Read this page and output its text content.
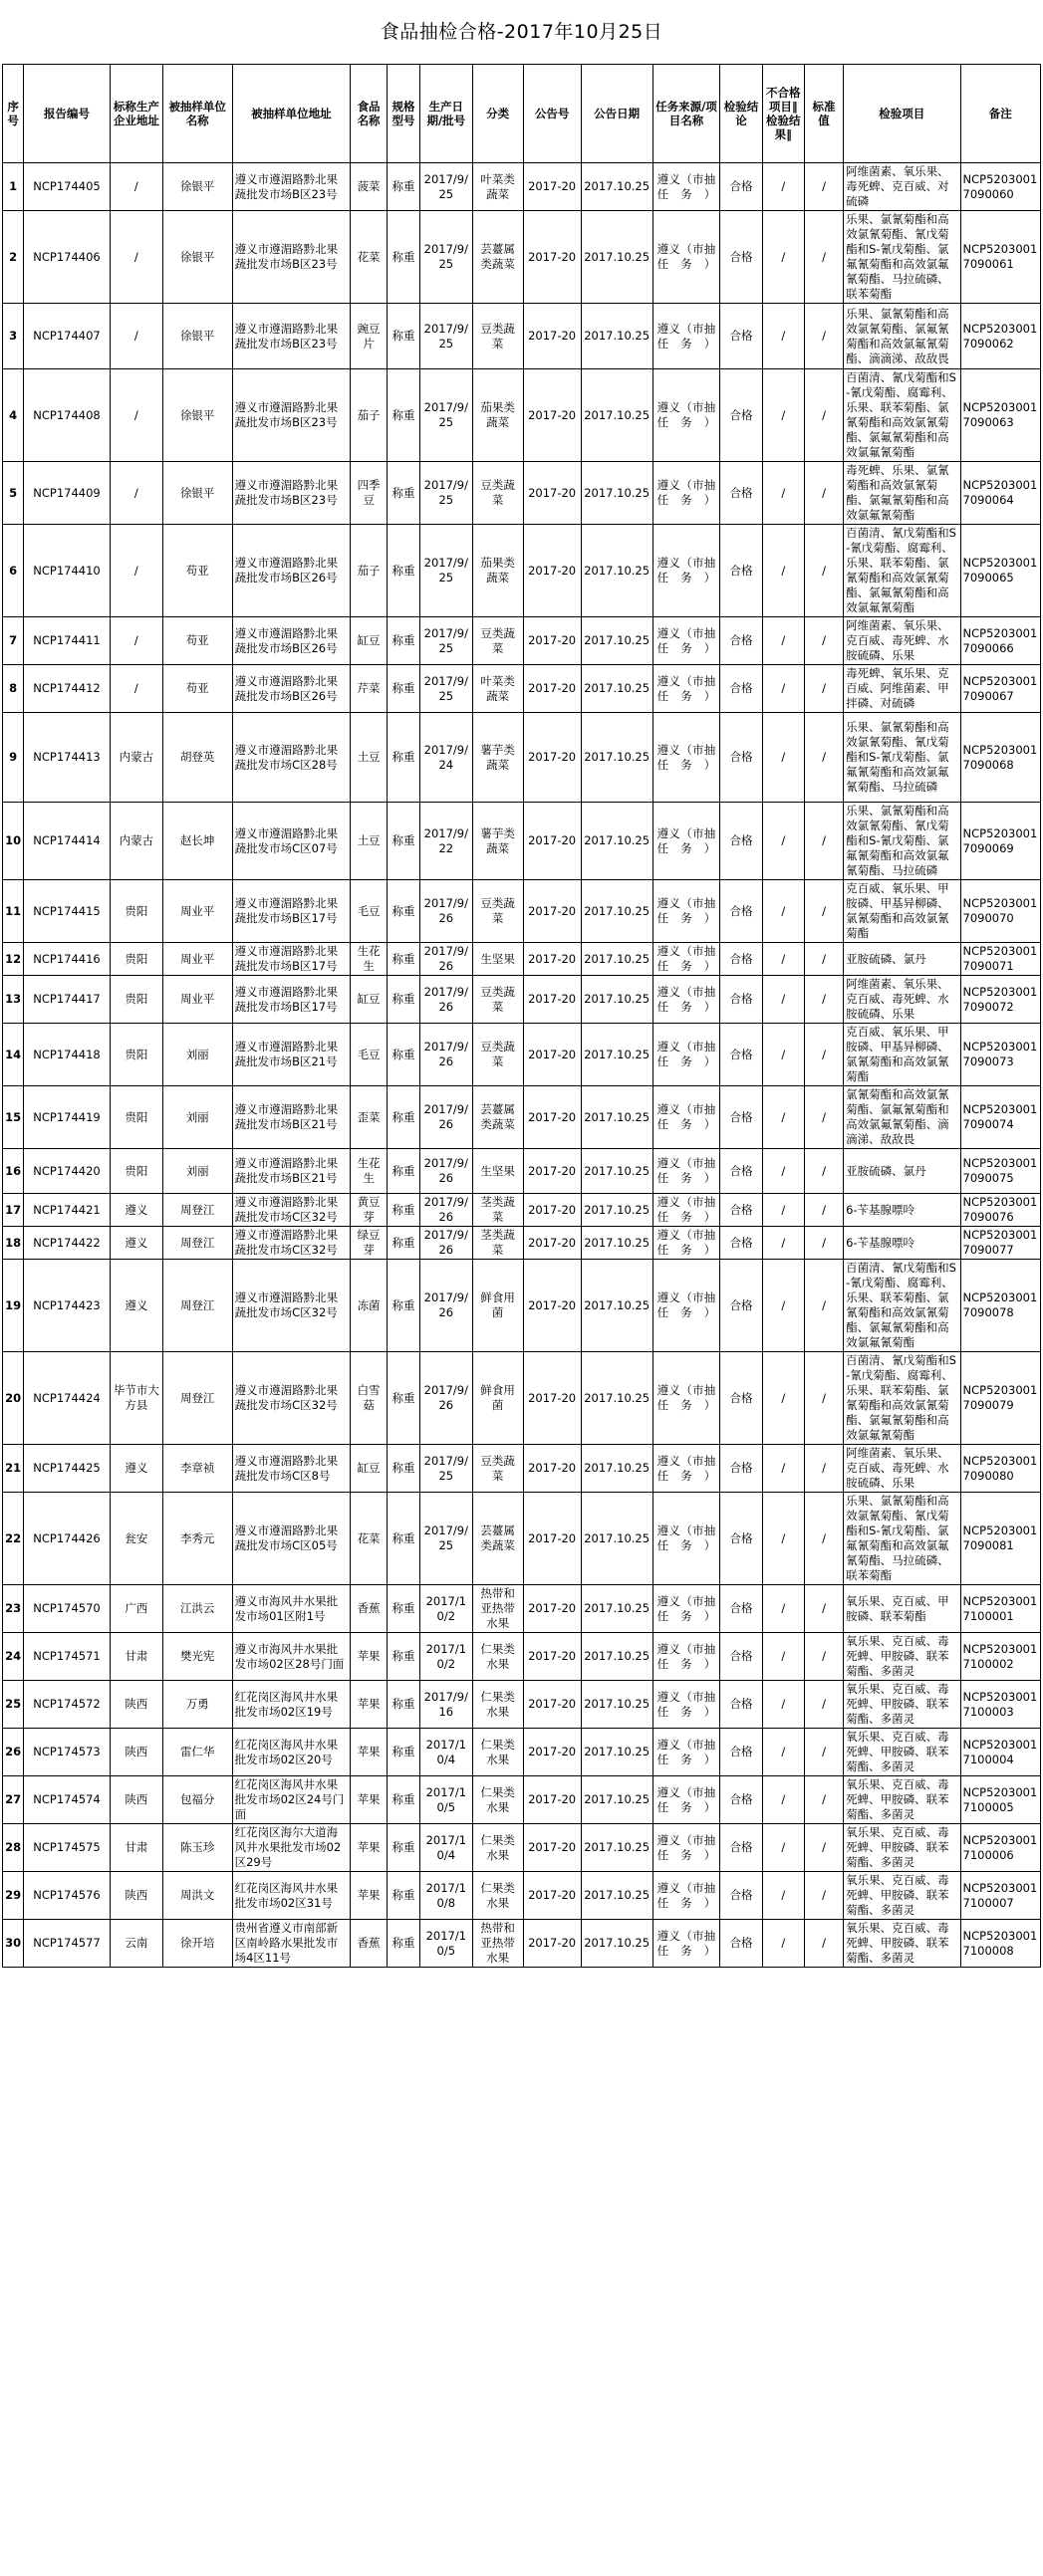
食品抽检合格-2017年10月25日
序号	报告编号	标称生产企业地址	被抽样单位名称	被抽样单位地址	食品名称	规格型号	生产日期/批号	分类	公告号	公告日期	任务来源/项目名称	检验结论	不合格项目‖检验结果‖	标准值	检验项目	备注
1	NCP174405	/	徐银平	遵义市遵湄路黔北果蔬批发市场B区23号	菠菜	称重	2017/9/25	叶菜类蔬菜	2017-20	2017.10.25	遵义（市抽任务）	合格	/	/	阿维菌素、氧乐果、毒死蜱、克百威、对硫磷	NCP52030017090060
2	NCP174406	/	徐银平	遵义市遵湄路黔北果蔬批发市场B区23号	花菜	称重	2017/9/25	芸薹属类蔬菜	2017-20	2017.10.25	遵义（市抽任务）	合格	/	/	乐果、氯氰菊酯和高效氯氰菊酯、氰戊菊酯和S-氰戊菊酯、氯氟氰菊酯和高效氯氟氰菊酯、马拉硫磷、联苯菊酯	NCP52030017090061
3	NCP174407	/	徐银平	遵义市遵湄路黔北果蔬批发市场B区23号	豌豆片	称重	2017/9/25	豆类蔬菜	2017-20	2017.10.25	遵义（市抽任务）	合格	/	/	乐果、氯氰菊酯和高效氯氰菊酯、氯氟氰菊酯和高效氯氟氰菊酯、滴滴涕、敌敌畏	NCP52030017090062
4	NCP174408	/	徐银平	遵义市遵湄路黔北果蔬批发市场B区23号	茄子	称重	2017/9/25	茄果类蔬菜	2017-20	2017.10.25	遵义（市抽任务）	合格	/	/	百菌清、氰戊菊酯和S-氰戊菊酯、腐霉利、乐果、联苯菊酯、氯氰菊酯和高效氯氰菊酯、氯氟氰菊酯和高效氯氟氰菊酯	NCP52030017090063
5	NCP174409	/	徐银平	遵义市遵湄路黔北果蔬批发市场B区23号	四季豆	称重	2017/9/25	豆类蔬菜	2017-20	2017.10.25	遵义（市抽任务）	合格	/	/	毒死蜱、乐果、氯氰菊酯和高效氯氰菊酯、氯氟氰菊酯和高效氯氟氰菊酯	NCP52030017090064
6	NCP174410	/	苟亚	遵义市遵湄路黔北果蔬批发市场B区26号	茄子	称重	2017/9/25	茄果类蔬菜	2017-20	2017.10.25	遵义（市抽任务）	合格	/	/	百菌清、氰戊菊酯和S-氰戊菊酯、腐霉利、乐果、联苯菊酯、氯氰菊酯和高效氯氰菊酯、氯氟氰菊酯和高效氯氟氰菊酯	NCP52030017090065
7	NCP174411	/	苟亚	遵义市遵湄路黔北果蔬批发市场B区26号	缸豆	称重	2017/9/25	豆类蔬菜	2017-20	2017.10.25	遵义（市抽任务）	合格	/	/	阿维菌素、氧乐果、克百威、毒死蜱、水胺硫磷、乐果	NCP52030017090066
8	NCP174412	/	苟亚	遵义市遵湄路黔北果蔬批发市场B区26号	芹菜	称重	2017/9/25	叶菜类蔬菜	2017-20	2017.10.25	遵义（市抽任务）	合格	/	/	毒死蜱、氧乐果、克百威、阿维菌素、甲拌磷、对硫磷	NCP52030017090067
9	NCP174413	内蒙古	胡登英	遵义市遵湄路黔北果蔬批发市场C区28号	土豆	称重	2017/9/24	薯芋类蔬菜	2017-20	2017.10.25	遵义（市抽任务）	合格	/	/	乐果、氯氰菊酯和高效氯氰菊酯、氰戊菊酯和S-氰戊菊酯、氯氟氰菊酯和高效氯氟氰菊酯、马拉硫磷	NCP52030017090068
10	NCP174414	内蒙古	赵长坤	遵义市遵湄路黔北果蔬批发市场C区07号	土豆	称重	2017/9/22	薯芋类蔬菜	2017-20	2017.10.25	遵义（市抽任务）	合格	/	/	乐果、氯氰菊酯和高效氯氰菊酯、氰戊菊酯和S-氰戊菊酯、氯氟氰菊酯和高效氯氟氰菊酯、马拉硫磷	NCP52030017090069
11	NCP174415	贵阳	周业平	遵义市遵湄路黔北果蔬批发市场B区17号	毛豆	称重	2017/9/26	豆类蔬菜	2017-20	2017.10.25	遵义（市抽任务）	合格	/	/	克百威、氧乐果、甲胺磷、甲基异柳磷、氯氰菊酯和高效氯氰菊酯	NCP52030017090070
12	NCP174416	贵阳	周业平	遵义市遵湄路黔北果蔬批发市场B区17号	生花生	称重	2017/9/26	生坚果	2017-20	2017.10.25	遵义（市抽任务）	合格	/	/	亚胺硫磷、氯丹	NCP52030017090071
13	NCP174417	贵阳	周业平	遵义市遵湄路黔北果蔬批发市场B区17号	缸豆	称重	2017/9/26	豆类蔬菜	2017-20	2017.10.25	遵义（市抽任务）	合格	/	/	阿维菌素、氧乐果、克百威、毒死蜱、水胺硫磷、乐果	NCP52030017090072
14	NCP174418	贵阳	刘丽	遵义市遵湄路黔北果蔬批发市场B区21号	毛豆	称重	2017/9/26	豆类蔬菜	2017-20	2017.10.25	遵义（市抽任务）	合格	/	/	克百威、氧乐果、甲胺磷、甲基异柳磷、氯氰菊酯和高效氯氰菊酯	NCP52030017090073
15	NCP174419	贵阳	刘丽	遵义市遵湄路黔北果蔬批发市场B区21号	歪菜	称重	2017/9/26	芸薹属类蔬菜	2017-20	2017.10.25	遵义（市抽任务）	合格	/	/	氯氰菊酯和高效氯氰菊酯、氯氟氰菊酯和高效氯氟氰菊酯、滴滴涕、敌敌畏	NCP52030017090074
16	NCP174420	贵阳	刘丽	遵义市遵湄路黔北果蔬批发市场B区21号	生花生	称重	2017/9/26	生坚果	2017-20	2017.10.25	遵义（市抽任务）	合格	/	/	亚胺硫磷、氯丹	NCP52030017090075
17	NCP174421	遵义	周登江	遵义市遵湄路黔北果蔬批发市场C区32号	黄豆芽	称重	2017/9/26	茎类蔬菜	2017-20	2017.10.25	遵义（市抽任务）	合格	/	/	6-苄基腺嘌呤	NCP52030017090076
18	NCP174422	遵义	周登江	遵义市遵湄路黔北果蔬批发市场C区32号	绿豆芽	称重	2017/9/26	茎类蔬菜	2017-20	2017.10.25	遵义（市抽任务）	合格	/	/	6-苄基腺嘌呤	NCP52030017090077
19	NCP174423	遵义	周登江	遵义市遵湄路黔北果蔬批发市场C区32号	冻菌	称重	2017/9/26	鲜食用菌	2017-20	2017.10.25	遵义（市抽任务）	合格	/	/	百菌清、氰戊菊酯和S-氰戊菊酯、腐霉利、乐果、联苯菊酯、氯氰菊酯和高效氯氰菊酯、氯氟氰菊酯和高效氯氟氰菊酯	NCP52030017090078
20	NCP174424	毕节市大方县	周登江	遵义市遵湄路黔北果蔬批发市场C区32号	白雪菇	称重	2017/9/26	鲜食用菌	2017-20	2017.10.25	遵义（市抽任务）	合格	/	/	百菌清、氰戊菊酯和S-氰戊菊酯、腐霉利、乐果、联苯菊酯、氯氰菊酯和高效氯氰菊酯、氯氟氰菊酯和高效氯氟氰菊酯	NCP52030017090079
21	NCP174425	遵义	李章祯	遵义市遵湄路黔北果蔬批发市场C区8号	缸豆	称重	2017/9/25	豆类蔬菜	2017-20	2017.10.25	遵义（市抽任务）	合格	/	/	阿维菌素、氧乐果、克百威、毒死蜱、水胺硫磷、乐果	NCP52030017090080
22	NCP174426	瓮安	李秀元	遵义市遵湄路黔北果蔬批发市场C区05号	花菜	称重	2017/9/25	芸薹属类蔬菜	2017-20	2017.10.25	遵义（市抽任务）	合格	/	/	乐果、氯氰菊酯和高效氯氰菊酯、氰戊菊酯和S-氰戊菊酯、氯氟氰菊酯和高效氯氟氰菊酯、马拉硫磷、联苯菊酯	NCP52030017090081
23	NCP174570	广西	江洪云	遵义市海风井水果批发市场01区附1号	香蕉	称重	2017/10/2	热带和亚热带水果	2017-20	2017.10.25	遵义（市抽任务）	合格	/	/	氧乐果、克百威、甲胺磷、联苯菊酯	NCP52030017100001
24	NCP174571	甘肃	樊光宪	遵义市海风井水果批发市场02区28号门面	苹果	称重	2017/10/2	仁果类水果	2017-20	2017.10.25	遵义（市抽任务）	合格	/	/	氧乐果、克百威、毒死蜱、甲胺磷、联苯菊酯、多菌灵	NCP52030017100002
25	NCP174572	陕西	万勇	红花岗区海风井水果批发市场02区19号	苹果	称重	2017/9/16	仁果类水果	2017-20	2017.10.25	遵义（市抽任务）	合格	/	/	氧乐果、克百威、毒死蜱、甲胺磷、联苯菊酯、多菌灵	NCP52030017100003
26	NCP174573	陕西	雷仁华	红花岗区海风井水果批发市场02区20号	苹果	称重	2017/10/4	仁果类水果	2017-20	2017.10.25	遵义（市抽任务）	合格	/	/	氧乐果、克百威、毒死蜱、甲胺磷、联苯菊酯、多菌灵	NCP52030017100004
27	NCP174574	陕西	包福分	红花岗区海风井水果批发市场02区24号门面	苹果	称重	2017/10/5	仁果类水果	2017-20	2017.10.25	遵义（市抽任务）	合格	/	/	氧乐果、克百威、毒死蜱、甲胺磷、联苯菊酯、多菌灵	NCP52030017100005
28	NCP174575	甘肃	陈玉珍	红花岗区海尔大道海风井水果批发市场02区29号	苹果	称重	2017/10/4	仁果类水果	2017-20	2017.10.25	遵义（市抽任务）	合格	/	/	氧乐果、克百威、毒死蜱、甲胺磷、联苯菊酯、多菌灵	NCP52030017100006
29	NCP174576	陕西	周洪文	红花岗区海风井水果批发市场02区31号	苹果	称重	2017/10/8	仁果类水果	2017-20	2017.10.25	遵义（市抽任务）	合格	/	/	氧乐果、克百威、毒死蜱、甲胺磷、联苯菊酯、多菌灵	NCP52030017100007
30	NCP174577	云南	徐开培	贵州省遵义市南部新区南岭路水果批发市场4区11号	香蕉	称重	2017/10/5	热带和亚热带水果	2017-20	2017.10.25	遵义（市抽任务）	合格	/	/	氧乐果、克百威、毒死蜱、甲胺磷、联苯菊酯、多菌灵	NCP52030017100008
